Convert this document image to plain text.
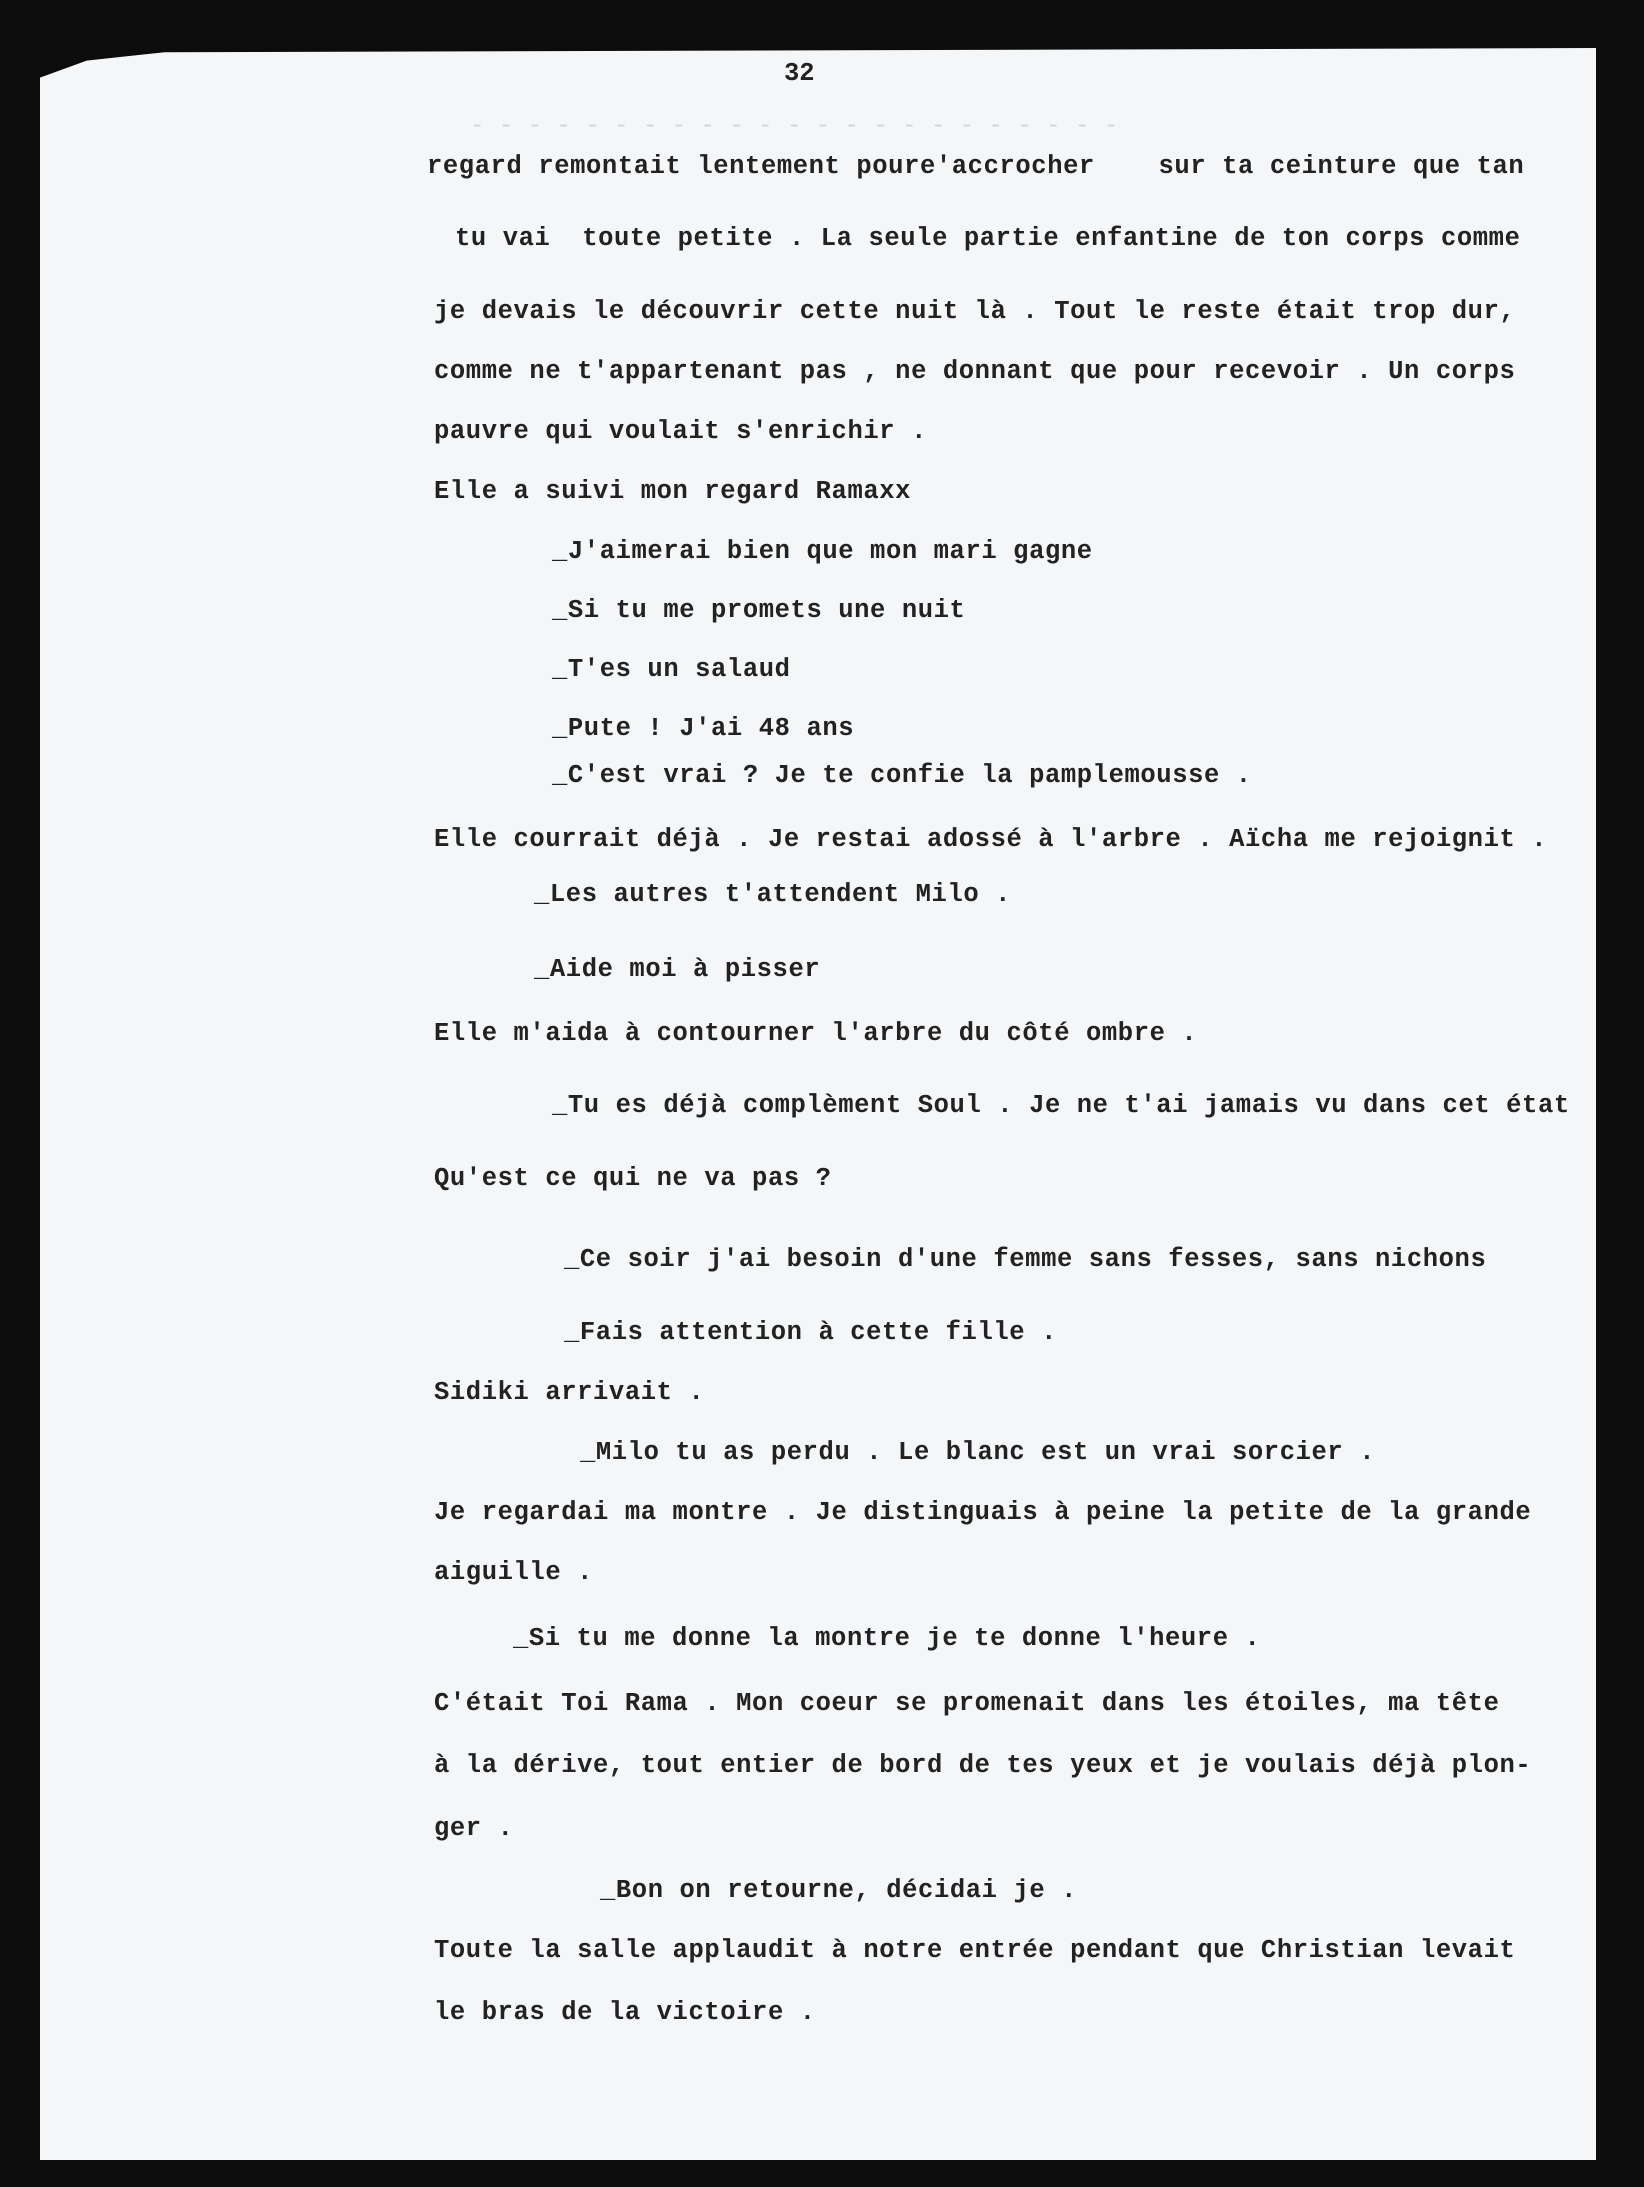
- - - - - - - - - - - - - - - - - - - - - - -
32
regard remontait lentement poure'accrocher    sur ta ceinture que tan
tu vai  toute petite . La seule partie enfantine de ton corps comme
je devais le découvrir cette nuit là . Tout le reste était trop dur,
comme ne t'appartenant pas , ne donnant que pour recevoir . Un corps
pauvre qui voulait s'enrichir .
Elle a suivi mon regard Ramaxx
_J'aimerai bien que mon mari gagne
_Si tu me promets une nuit
_T'es un salaud
_Pute ! J'ai 48 ans
_C'est vrai ? Je te confie la pamplemousse .
Elle courrait déjà . Je restai adossé à l'arbre . Aïcha me rejoignit .
_Les autres t'attendent Milo .
_Aide moi à pisser
Elle m'aida à contourner l'arbre du côté ombre .
_Tu es déjà complèment Soul . Je ne t'ai jamais vu dans cet état
Qu'est ce qui ne va pas ?
_Ce soir j'ai besoin d'une femme sans fesses, sans nichons
_Fais attention à cette fille .
Sidiki arrivait .
_Milo tu as perdu . Le blanc est un vrai sorcier .
Je regardai ma montre . Je distinguais à peine la petite de la grande
aiguille .
_Si tu me donne la montre je te donne l'heure .
C'était Toi Rama . Mon coeur se promenait dans les étoiles, ma tête
à la dérive, tout entier de bord de tes yeux et je voulais déjà plon-
ger .
_Bon on retourne, décidai je .
Toute la salle applaudit à notre entrée pendant que Christian levait
le bras de la victoire .
